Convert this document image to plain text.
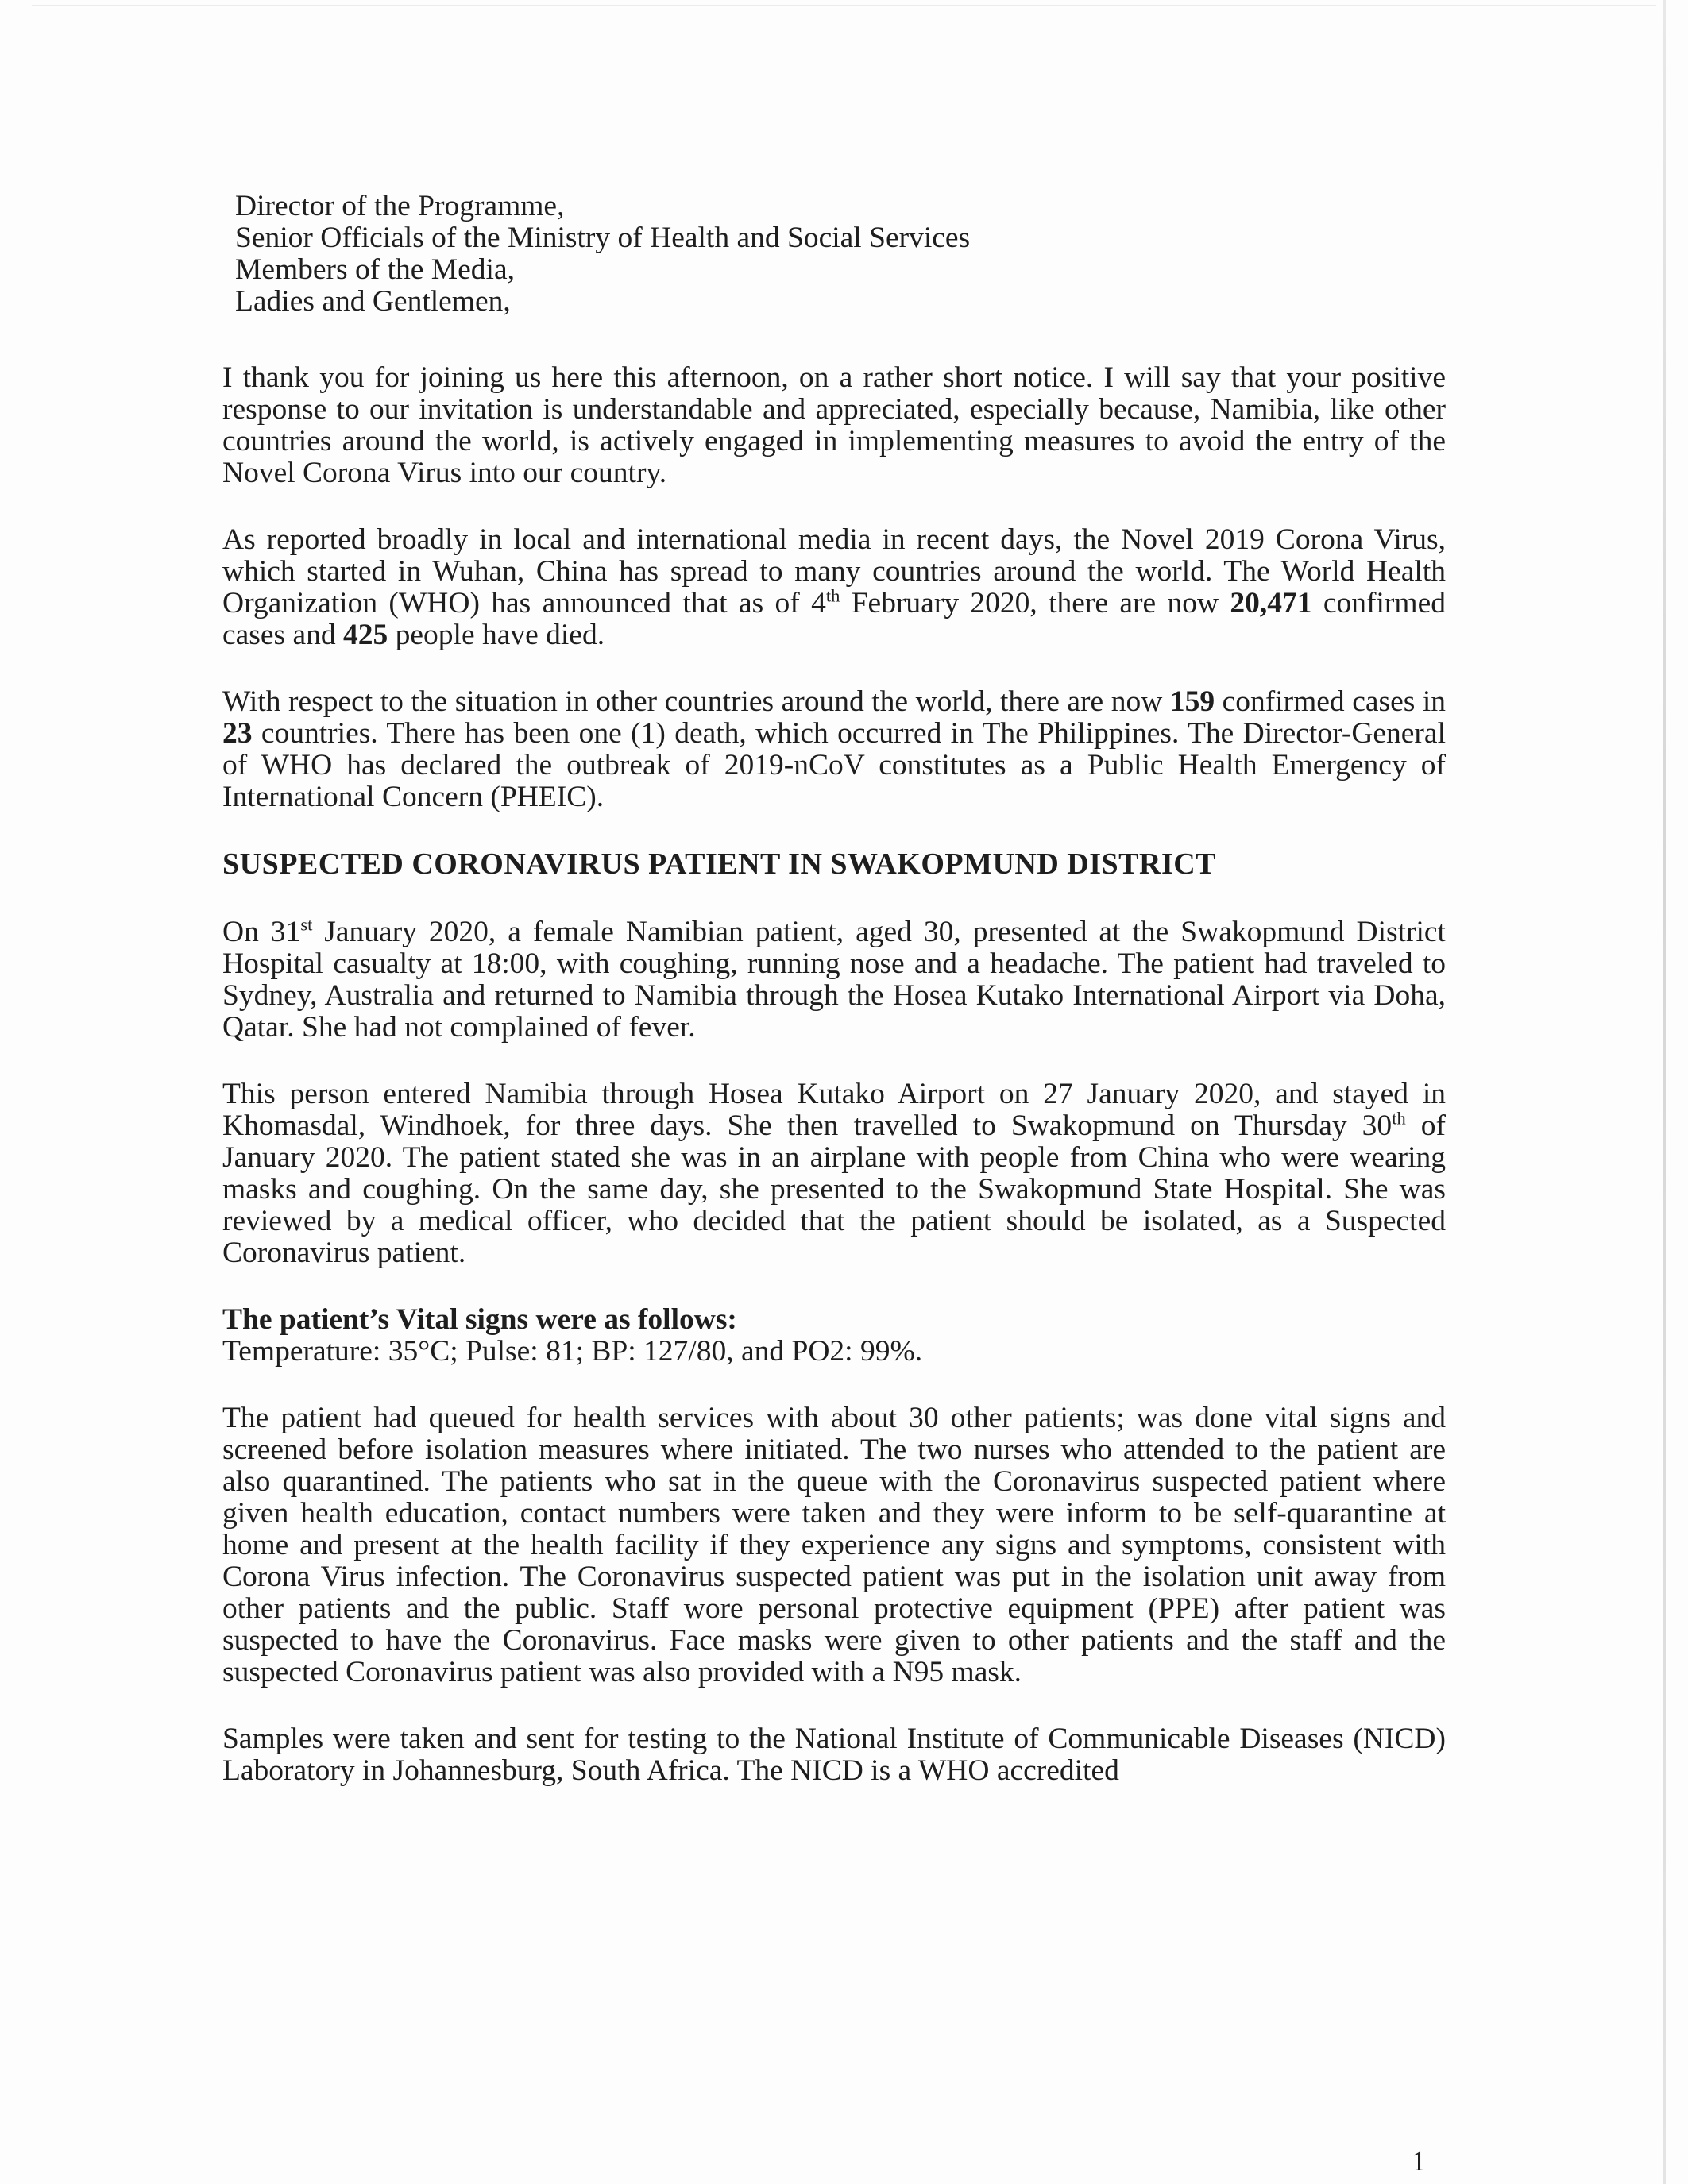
Director of the Programme,
Senior Officials of the Ministry of Health and Social Services
Members of the Media,
Ladies and Gentlemen,

I thank you for joining us here this afternoon, on a rather short notice. I will say that your positive response to our invitation is understandable and appreciated, especially because, Namibia, like other countries around the world, is actively engaged in implementing measures to avoid the entry of the Novel Corona Virus into our country.

As reported broadly in local and international media in recent days, the Novel 2019 Corona Virus, which started in Wuhan, China has spread to many countries around the world. The World Health Organization (WHO) has announced that as of 4th February 2020, there are now 20,471 confirmed cases and 425 people have died.

With respect to the situation in other countries around the world, there are now 159 confirmed cases in 23 countries. There has been one (1) death, which occurred in The Philippines. The Director-General of WHO has declared the outbreak of 2019-nCoV constitutes as a Public Health Emergency of International Concern (PHEIC).

SUSPECTED CORONAVIRUS PATIENT IN SWAKOPMUND DISTRICT

On 31st January 2020, a female Namibian patient, aged 30, presented at the Swakopmund District Hospital casualty at 18:00, with coughing, running nose and a headache. The patient had traveled to Sydney, Australia and returned to Namibia through the Hosea Kutako International Airport via Doha, Qatar. She had not complained of fever.

This person entered Namibia through Hosea Kutako Airport on 27 January 2020, and stayed in Khomasdal, Windhoek, for three days. She then travelled to Swakopmund on Thursday 30th of January 2020. The patient stated she was in an airplane with people from China who were wearing masks and coughing. On the same day, she presented to the Swakopmund State Hospital. She was reviewed by a medical officer, who decided that the patient should be isolated, as a Suspected Coronavirus patient.

The patient’s Vital signs were as follows:
Temperature: 35°C; Pulse: 81; BP: 127/80, and PO2: 99%.

The patient had queued for health services with about 30 other patients; was done vital signs and screened before isolation measures where initiated. The two nurses who attended to the patient are also quarantined. The patients who sat in the queue with the Coronavirus suspected patient where given health education, contact numbers were taken and they were inform to be self-quarantine at home and present at the health facility if they experience any signs and symptoms, consistent with Corona Virus infection. The Coronavirus suspected patient was put in the isolation unit away from other patients and the public. Staff wore personal protective equipment (PPE) after patient was suspected to have the Coronavirus. Face masks were given to other patients and the staff and the suspected Coronavirus patient was also provided with a N95 mask.

Samples were taken and sent for testing to the National Institute of Communicable Diseases (NICD) Laboratory in Johannesburg, South Africa. The NICD is a WHO accredited

1
